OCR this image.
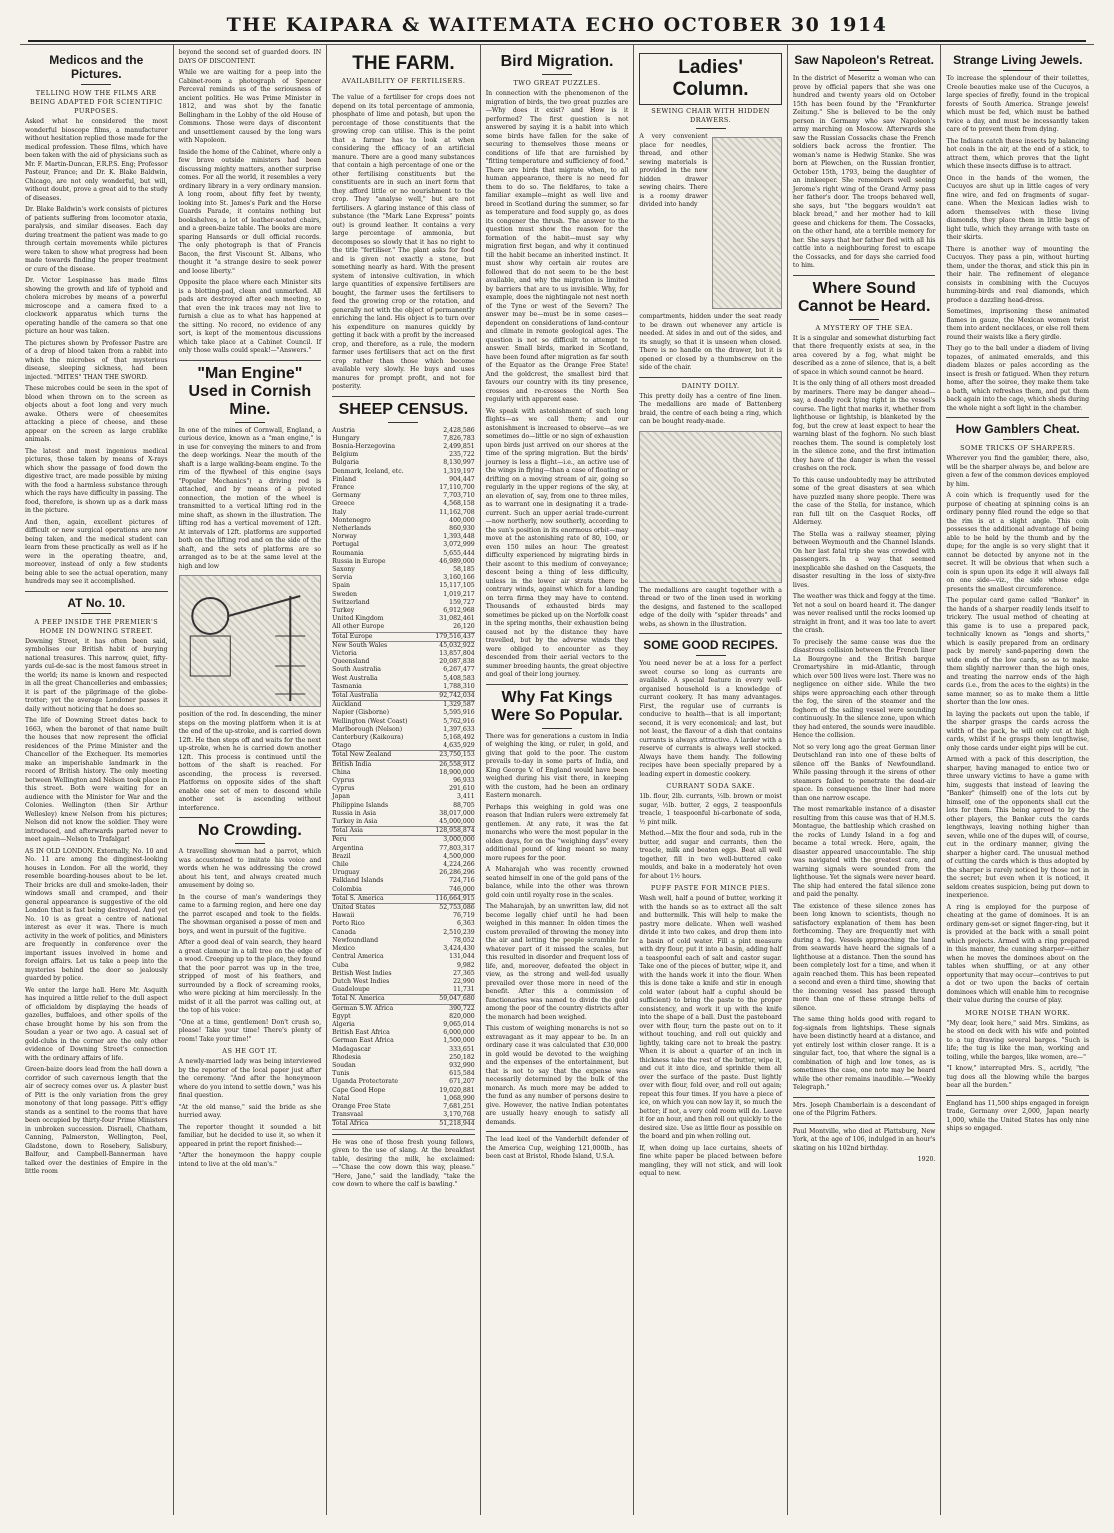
THE KAIPARA & WAITEMATA ECHO OCTOBER 30 1914
Medicos and the Pictures.
TELLING HOW THE FILMS ARE BEING ADAPTED FOR SCIENTIFIC PURPOSES.

Asked what he considered the most wonderful bioscope films, a manufacturer without hesitation replied those made for the medical profession. These films, which have been taken with the aid of physicians such as Mr. F. Martin-Duncan, F.R.P.S. Eng; Professor Pasteur, France; and Dr. K. Blake Baldwin, Chicago, are not only wonderful, but will, without doubt, prove a great aid to the study of diseases.

Dr. Blake Baldwin's work consists of pictures of patients suffering from locomotor ataxia, paralysis, and similar diseases. Each day during treatment the patient was made to go through certain movements while pictures were taken to show what progress had been made towards finding the proper treatment or cure of the disease.

Dr. Victor Lespinasse has made films showing the growth and life of typhoid and cholera microbes by means of a powerful microscope and a camera fixed to a clockwork apparatus which turns the operating handle of the camera so that one picture an hour was taken.

The pictures shown by Professor Pastre are of a drop of blood taken from a rabbit into which the microbes of that mysterious disease, sleeping sickness, had been injected. "MITES" THAN THE SWORD.

These microbes could be seen in the spot of blood when thrown on to the screen as objects about a foot long and very much awake. Others were of cheesemites attacking a piece of cheese, and these appear on the screen as large crablike animals.

The latest and most ingenious medical pictures, those taken by means of X-rays which show the passage of food down the digestive tract, are made possible by mixing with the food a harmless substance through which the rays have difficulty in passing. The food, therefore, is shown up as a dark mass in the picture.

And then, again, excellent pictures of difficult or new surgical operations are now being taken, and the medical student can learn from these practically as well as if he were in the operating theatre, and, moreover, instead of only a few students being able to see the actual operation, many hundreds may see it accomplished.

AT No. 10.
A PEEP INSIDE THE PREMIER'S HOME IN DOWNING STREET.

Downing Street, it has often been said, symbolises our British habit of burying national treasures. This narrow, quiet, fifty-yards cul-de-sac is the most famous street in the world; its name is known and respected in all the great Chancelleries and embassies; it is part of the pilgrimage of the globe-trotter; yet the average Londoner passes it daily without noticing that he does so.

The life of Downing Street dates back to 1663, when the baronet of that name built the houses that now represent the official residences of the Prime Minister and the Chancellor of the Exchequer. Its memories make an imperishable landmark in the record of British history. The only meeting between Wellington and Nelson took place in this street. Both were waiting for an audience with the Minister for War and the Colonies. Wellington (then Sir Arthur Wellesley) knew Nelson from his pictures; Nelson did not know the soldier. They were introduced, and afterwards parted never to meet again—Nelson to Trafalgar!

AS IN OLD LONDON. Externally, No. 10 and No. 11 are among the dinginest-looking houses in London. For all the world, they resemble boarding-houses about to be let. Their bricks are dull and smoke-laden, their windows small and cramped, and their general appearance is suggestive of the old London that is fast being destroyed. And yet No. 10 is as great a centre of national interest as ever it was. There is much activity in the work of politics, and Ministers are frequently in conference over the important issues involved in home and foreign affairs. Let us take a peep into the mysteries behind the door so jealously guarded by police.

We enter the large hall. Here Mr. Asquith has inquired a little relief to the dull aspect of officialdom by displaying the heads of gazelles, buffaloes, and other spoils of the chase brought home by his son from the Soudan a year or two ago. A casual set of gold-clubs in the corner are the only other evidence of Downing Street's connection with the ordinary affairs of life.

Green-baize doors lead from the hall down a corridor of such cavernous length that the air of secrecy comes over us. A plaster bust of Pitt is the only variation from the grey monotony of that long passage. Pitt's effigy stands as a sentinel to the rooms that have been occupied by thirty-four Prime Ministers in unbroken succession. Disraeli, Chatham, Canning, Palmerston, Wellington, Peel, Gladstone, down to Rosebery, Salisbury, Balfour, and Campbell-Bannerman have talked over the destinies of Empire in the little room

beyond the second set of guarded doors. IN DAYS OF DISCONTENT.

While we are waiting for a peep into the Cabinet-room a photograph of Spencer Perceval reminds us of the seriousness of ancient politics. He was Prime Minister in 1812, and was shot by the fanatic Bellingham in the Lobby of the old House of Commons. Those were days of discontent and unsettlement caused by the long wars with Napoleon.

Inside the home of the Cabinet, where only a few brave outside ministers had been discussing mighty matters, another surprise comes. For all the world, it resembles a very ordinary library in a very ordinary mansion. A long room, about fifty feet by twenty, looking into St. James's Park and the Horse Guards Parade, it contains nothing but bookshelves, a lot of leather-seated chairs, and a green-baize table. The books are more sparing Hansards or dull official records. The only photograph is that of Francis Bacon, the first Viscount St. Albans, who thought it "a strange desire to seek power and loose liberty."

Opposite the place where each Minister sits is a blotting-pad, clean and unmarked. All pads are destroyed after each meeting, so that even the ink traces may not live to furnish a clue as to what has happened at the sitting. No record, no evidence of any sort, is kept of the momentous discussions which take place at a Cabinet Council. If only those walls could speak!—"Answers."

"Man Engine" Used in Cornish Mine.

In one of the mines of Cornwall, England, a curious device, known as a "man engine," is in use for conveying the miners to and from the deep workings. Near the mouth of the shaft is a large walking-beam engine. To the rim of the flywheel of this engine (says "Popular Mechanics") a driving rod is attached, and by means of a pivoted connection, the motion of the wheel is transmitted to a vertical lifting rod in the mine shaft, as shown in the illustration. The lifting rod has a vertical movement of 12ft. At intervals of 12ft. platforms are supported both on the lifting rod and on the side of the shaft, and the sets of platforms are so arranged as to be at the same level at the high and low

position of the rod. In descending, the miner steps on the moving platform when it is at the end of the up-stroke, and is carried down 12ft. He then steps off and waits for the next up-stroke, when he is carried down another 12ft. This process is continued until the bottom of the shaft is reached. For ascending, the process is reversed. Platforms on opposite sides of the shaft enable one set of men to descend while another set is ascending without interference.

No Crowding.

A travelling showman had a parrot, which was accustomed to imitate his voice and words when he was addressing the crowd about his tent, and always created much amusement by doing so.

In the course of man's wanderings they came to a farming region, and here one day the parrot escaped and took to the fields. The showman organised a posse of men and boys, and went in pursuit of the fugitive.

After a good deal of vain search, they heard a great clamour in a tall tree on the edge of a wood. Creeping up to the place, they found that the poor parrot was up in the tree, stripped of most of his feathers, and surrounded by a flock of screaming rooks, who were picking at him mercilessly. In the midst of it all the parrot was calling out, at the top of his voice:

"One at a time, gentlemen! Don't crush so, please! Take your time! There's plenty of room! Take your time!"

AS HE GOT IT.

A newly-married lady was being interviewed by the reporter of the local paper just after the ceremony. "And after the honeymoon where do you intend to settle down," was his final question.

"At the old manse," said the bride as she hurried away.

The reporter thought it sounded a bit familiar, but he decided to use it, so when it appeared in print the report finished:—

"After the honeymoon the happy couple intend to live at the old man's."

THE FARM.
AVAILABILITY OF FERTILISERS.

The value of a fertiliser for crops does not depend on its total percentage of ammonia, phosphate of lime and potash, but upon the percentage of those constituents that the growing crop can utilise. This is the point that a farmer has to look at when considering the efficacy of an artificial manure. There are a good many substances that contain a high percentage of one or the other fertilising constituents but the constituents are in such an inert form that they afford little or no nourishment to the crop. They "analyse well," but are not fertilisers. A glaring instance of this class of substance (the "Mark Lane Express" points out) is ground leather. It contains a very large percentage of ammonia, but decomposes so slowly that it has no right to the title "fertiliser." The plant asks for food and is given not exactly a stone, but something nearly as hard. With the present system of intensive cultivation, in which large quantities of expensive fertilisers are bought, the farmer uses the fertilisers to feed the growing crop or the rotation, and generally not with the object of permanently enriching the land. His object is to turn over his expenditure on manures quickly by getting it back with a profit by the increased crop, and therefore, as a rule, the modern farmer uses fertilisers that act on the first crop rather than those which become available very slowly. He buys and uses manures for prompt profit, and not for posterity.

SHEEP CENSUS.
Austria	2,428,586
Hungary	7,826,783
Bosnia-Herzegovina	2,499,851
Belgium	235,722
Bulgaria	8,130,997
Denmark, Iceland, etc.	1,319,197
Finland	904,447
France	17,110,700
Germany	7,703,710
Greece	4,568,158
Italy	11,162,708
Montenegro	400,000
Netherlands	860,930
Norway	1,393,448
Portugal	3,072,999
Roumania	5,655,444
Russia in Europe	46,989,000
Saxony	58,185
Servia	3,160,166
Spain	15,117,105
Sweden	1,019,217
Switzerland	159,727
Turkey	6,912,968
United Kingdom	31,082,461
All other Europe	26,120
Total Europe	179,516,437
New South Wales	45,032,922
Victoria	13,857,804
Queensland	20,087,838
South Australia	6,267,477
West Australia	5,408,583
Tasmania	1,788,310
Total Australia	92,742,034
Auckland	1,329,587
Napier (Gisborne)	5,595,916
Wellington (West Coast)	5,762,916
Marlborough (Nelson)	1,397,633
Canterbury (Kaikoura)	5,168,492
Otago	4,635,929
Total New Zealand	23,750,153
British India	26,558,912
China	18,900,000
Cyprus	96,933
Cyprus	291,610
Japan	3,411
Philippine Islands	88,705
Russia in Asia	38,017,000
Turkey in Asia	45,000,000
Total Asia	128,958,874
Peru	3,000,000
Argentina	77,803,317
Brazil	4,500,000
Chile	4,224,266
Uruguay	26,286,296
Falkland Islands	724,716
Colombia	746,000
Total S. America	116,664,915
United States	52,753,086
Hawaii	76,719
Porto Rico	6,363
Canada	2,510,239
Newfoundland	78,052
Mexico	3,424,430
Central America	131,044
Cuba	9,982
British West Indies	27,365
Dutch West Indies	22,990
Guadeloupe	11,731
Total N. America	59,047,680
German S.W. Africa	390,722
Egypt	820,000
Algeria	9,065,014
British East Africa	6,000,000
German East Africa	1,500,000
Madagascar	333,651
Rhodesia	250,182
Soudan	932,990
Tunis	615,584
Uganda Protectorate	671,207
Cape Good Hope	19,020,881
Natal	1,068,990
Orange Free State	7,681,251
Transvaal	3,170,768
Total Africa	51,218,944

He was one of those fresh young fellows, given to the use of slang. At the breakfast table, desiring the milk, he exclaimed:—"Chase the cow down this way, please." "Here, Jane," said the landlady, "take the cow down to where the calf is bawling."

Bird Migration.
TWO GREAT PUZZLES.

In connection with the phenomenon of the migration of birds, the two great puzzles are—Why does it exist? and How is it performed? The first question is not answered by saying it is a habit into which some birds have fallen for the sake of securing to themselves those means or conditions of life that are furnished by "fitting temperature and sufficiency of food." There are birds that migrate when, to all human appearance, there is no need for them to do so. The fieldfares, to take a familiar example—might as well live and breed in Scotland during the summer, so far as temperature and food supply go, as does its congener the thrush. The answer to the question must show the reason for the formation of the habit—must say why migration first began, and why it continued till the habit became an inherited instinct. It must show why certain air routes are followed that do not seem to be the best available, and why the migration is limited by barriers that are to us invisible. Why, for example, does the nightingale not nest north of the Tyne or west of the Severn? The answer may be—must be in some cases—dependent on considerations of land-contour and climate in remote geological ages. The question is not so difficult to attempt to answer. Small birds, marked in Scotland, have been found after migration as far south of the Equator as the Orange Free State! And the goldcrest, the smallest bird that favours our country with its tiny presence, crosses and re-crosses the North Sea regularly with apparent ease.

We speak with astonishment of such long flights—as we call them; and our astonishment is increased to observe—as we sometimes do—little or no sign of exhaustion upon birds just arrived on our shores at the time of the spring migration. But the birds' journey is less a flight—i.e., an active use of the wings in flying—than a case of floating or drifting on a moving stream of air, going so regularly in the upper regions of the sky, at an elevation of, say, from one to three miles, as to warrant one in designating it a trade-current. Such an upper aerial trade-current—now northerly, now southerly, according to the sun's position in its enormous orbit—may move at the astonishing rate of 80, 100, or even 150 miles an hour. The greatest difficulty experienced by migrating birds in their ascent to this medium of conveyance; descent being a thing of less difficulty, unless in the lower air strata there be contrary winds, against which for a landing on terra firma they may have to contend. Thousands of exhausted birds may sometimes be picked up on the Norfolk coast in the spring months, their exhaustion being caused not by the distance they have travelled, but by the adverse winds they were obliged to encounter as they descended from their aerial vectors to the summer breeding haunts, the great objective and goal of their long journey.

Why Fat Kings Were So Popular.

There was for generations a custom in India of weighing the king, or ruler, in gold, and giving that gold to the poor. The custom prevails to-day in some parts of India, and King George V. of England would have been weighed during his visit there, in keeping with the custom, had he been an ordinary Eastern monarch.

Perhaps this weighing in gold was one reason that Indian rulers were extremely fat gentlemen. At any rate, it was the fat monarchs who were the most popular in the olden days, for on the "weighing days" every additional pound of king meant so many more rupees for the poor.

A Maharajah who was recently crowned seated himself in one of the gold pans of the balance, while into the other was thrown gold coin until royalty rose in the scales.

The Maharajah, by an unwritten law, did not become legally chief until he had been weighed in this manner. In olden times the custom prevailed of throwing the money into the air and letting the people scramble for whatever part of it missed the scales, but this resulted in disorder and frequent loss of life, and, moreover, defeated the object in view, as the strong and well-fed usually prevailed over those more in need of the benefit. After this a commission of functionaries was named to divide the gold among the poor of the country districts after the monarch had been weighed.

This custom of weighing monarchs is not so extravagant as it may appear to be. In an ordinary case it was calculated that £30,000 in gold would be devoted to the weighing and the expenses of the entertainment, but that is not to say that the expense was necessarily determined by the bulk of the monarch. As much more may be added to the fund as any number of persons desire to give. However, the native Indian potentates are usually heavy enough to satisfy all demands.

The lead keel of the Vanderbilt defender of the America Cup, weighing 121,000lb., has been cast at Bristol, Rhode Island, U.S.A.

Ladies' Column.
SEWING CHAIR WITH HIDDEN DRAWERS.

A very convenient place for needles, thread, and other sewing materials is provided in the new hidden drawer sewing chairs. There is a roomy drawer divided into handy

compartments, hidden under the seat ready to be drawn out whenever any article is needed. At sides in and out of the sides, and its snugly, so that it is unseen when closed. There is no handle on the drawer, but it is opened or closed by a thumbscrew on the side of the chair.

DAINTY DOILY.

This pretty doily has a centre of fine linen. The medallions are made of Battenberg braid, the centre of each being a ring, which can be bought ready-made.

The medallions are caught together with a thread or two of the linen used in working the designs, and fastened to the scalloped edge of the doily with "spider threads" and webs, as shown in the illustration.

SOME GOOD RECIPES.

You need never be at a loss for a perfect sweet course so long as currants are available. A special feature in every well-organised household is a knowledge of currant cookery. It has many advantages. First, the regular use of currants is conducive to health—that is all important; second, it is very economical; and last, but not least, the flavour of a dish that contains currants is always attractive. A larder with a reserve of currants is always well stocked. Always have them handy. The following recipes have been specially prepared by a leading expert in domestic cookery.

CURRANT SODA SAKE.

1lb. flour, 2lb. currants, ½lb. brown or moist sugar, ½lb. butter, 2 eggs, 2 teaspoonfuls treacle, 1 teaspoonful bi-carbonate of soda, ½ pint milk.

Method.—Mix the flour and soda, rub in the butter, add sugar and currants, then the treacle, milk and beaten eggs. Beat all well together, fill in two well-buttered cake moulds, and bake in a moderately hot oven for about 1½ hours.

PUFF PASTE FOR MINCE PIES.

Wash well, half a pound of butter, working it with the hands so as to extract all the salt and buttermilk. This will help to make the pastry more delicate. When well washed divide it into two cakes, and drop them into a basin of cold water. Fill a pint measure with dry flour, put it into a basin, adding half a teaspoonful each of salt and castor sugar. Take one of the pieces of butter, wipe it, and with the hands work it into the flour. When this is done take a knife and stir in enough cold water (about half a cupful should be sufficient) to bring the paste to the proper consistency, and work it up with the knife into the shape of a ball. Dust the pasteboard over with flour, turn the paste out on to it without touching, and roll out quickly and lightly, taking care not to break the pastry. When it is about a quarter of an inch in thickness take the rest of the butter, wipe it, and cut it into dice, and sprinkle them all over the surface of the paste. Dust lightly over with flour, fold over, and roll out again; repeat this four times. If you have a piece of ice, on which you can now lay it, so much the better; if not, a very cold room will do. Leave it for an hour, and then roll out quickly to the desired size. Use as little flour as possible on the board and pin when rolling out.

If, when doing up lace curtains, sheets of fine white paper be placed between before mangling, they will not stick, and will look equal to new.

Saw Napoleon's Retreat.

In the district of Meseritz a woman who can prove by official papers that she was one hundred and twenty years old on October 15th has been found by the "Frankfurter Zeitung." She is believed to be the only person in Germany who saw Napoleon's army marching on Moscow. Afterwards she saw the Russian Cossacks chase the French soldiers back across the frontier. The woman's name is Hedwig Stanke. She was born at Plewchen, on the Russian frontier, October 15th, 1793, being the daughter of an innkeeper. She remembers well seeing Jerome's right wing of the Grand Army pass her father's door. The troops behaved well, she says, but "the beggars wouldn't eat black bread," and her mother had to kill geese and chickens for them. The Cossacks, on the other hand, ate a terrible memory for her. She says that her father fled with all his cattle into a neighbouring forest to escape the Cossacks, and for days she carried food to him.

Where Sound Cannot be Heard.
A MYSTERY OF THE SEA.

It is a singular and somewhat disturbing fact that there frequently exists at sea, in the area covered by a fog, what might be described as a zone of silence, that is, a belt of space in which sound cannot be heard.

It is the only thing of all others most dreaded by mariners. There may be danger ahead—say, a deadly rock lying right in the vessel's course. The light that marks it, whether from lighthouse or lightship, is blanketed by the fog, but the crew at least expect to hear the warning blast of the foghorn. No such blast reaches them. The sound is completely lost in the silence zone, and the first intimation they have of the danger is when the vessel crashes on the rock.

To this cause undoubtedly may be attributed some of the great disasters at sea which have puzzled many shore people. There was the case of the Stella, for instance, which ran full tilt on the Casquet Rocks, off Alderney.

The Stella was a railway steamer, plying between Weymouth and the Channel Islands. On her last fatal trip she was crowded with passengers. In a way that seemed inexplicable she dashed on the Casquets, the disaster resulting in the loss of sixty-five lives.

The weather was thick and foggy at the time. Yet not a soul on board heard it. The danger was never realised until the rocks loomed up straight in front, and it was too late to avert the crash.

To precisely the same cause was due the disastrous collision between the French liner La Bourgoyne and the British barque Cromartyshire in mid-Atlantic, through which over 500 lives were lost. There was no negligence on either side. While the two ships were approaching each other through the fog, the siren of the steamer and the foghorn of the sailing vessel were sounding continuously. In the silence zone, upon which they had entered, the sounds were inaudible. Hence the collision.

Not so very long ago the great German liner Deutschland ran into one of these belts of silence off the Banks of Newfoundland. While passing through it the sirens of other steamers failed to penetrate the dead-air space. In consequence the liner had more than one narrow escape.

The most remarkable instance of a disaster resulting from this cause was that of H.M.S. Montague, the battleship which crashed on the rocks of Lundy Island in a fog and became a total wreck. Here, again, the disaster appeared unaccountable. The ship was navigated with the greatest care, and warning signals were sounded from the lighthouse. Yet the signals were never heard. The ship had entered the fatal silence zone and paid the penalty.

The existence of these silence zones has been long known to scientists, though no satisfactory explanation of them has been forthcoming. They are frequently met with during a fog. Vessels approaching the land from seawards have heard the signals of a lighthouse at a distance. Then the sound has been completely lost for a time, and when it again reached them. This has been repeated a second and even a third time, showing that the incoming vessel has passed through more than one of these strange belts of silence.

The same thing holds good with regard to fog-signals from lightships. These signals have been distinctly heard at a distance, and yet entirely lost within closer range. It is a singular fact, too, that where the signal is a combination of high and low tones, as is sometimes the case, one note may be heard while the other remains inaudible.—"Weekly Telegraph."

Mrs. Joseph Chamberlain is a descendant of one of the Pilgrim Fathers.

Paul Montville, who died at Plattsburg, New York, at the age of 106, indulged in an hour's skating on his 102nd birthday.

1920.
Strange Living Jewels.

To increase the splendour of their toilettes, Creole beauties make use of the Cucuyos, a large species of firefly, found in the tropical forests of South America. Strange jewels! which must be fed, which must be bathed twice a day, and must be incessantly taken care of to prevent them from dying.

The Indians catch these insects by balancing hot coals in the air, at the end of a stick, to attract them, which proves that the light which these insects diffuse is to attract.

Once in the hands of the women, the Cucuyos are shut up in little cages of very fine wire, and fed on fragments of sugar-cane. When the Mexican ladies wish to adorn themselves with these living diamonds, they place them in little bags of light tulle, which they arrange with taste on their skirts.

There is another way of mounting the Cucuyos. They pass a pin, without hurting them, under the thorax, and stick this pin in their hair. The refinement of elegance consists in combining with the Cucuyos humming-birds and real diamonds, which produce a dazzling head-dress.

Sometimes, imprisoning these animated flames in gauze, the Mexican women twist them into ardent necklaces, or else roll them round their waists like a fiery girdle.

They go to the ball under a diadem of living topazes, of animated emeralds, and this diadem blazes or pales according as the insect is fresh or fatigued. When they return home, after the soiree, they make them take a bath, which refreshes them, and put them back again into the cage, which sheds during the whole night a soft light in the chamber.

How Gamblers Cheat.
SOME TRICKS OF SHARPERS.

Wherever you find the gambler, there, also, will be the sharper always be, and below are given a few of the common devices employed by him.

A coin which is frequently used for the purpose of cheating at spinning coins is an ordinary penny filed round the edge so that the rim is at a slight angle. This coin possesses the additional advantage of being able to be held by the thumb and by the dupe; for the angle is so very slight that it cannot be detected by anyone not in the secret. It will be obvious that when such a coin is spun upon its edge it will always fall on one side—viz., the side whose edge presents the smallest circumference.

The popular card game called "Banker" in the hands of a sharper readily lends itself to trickery. The usual method of cheating at this game is to use a prepared pack, technically known as "longs and shorts," which is easily prepared from an ordinary pack by merely sand-papering down the wide ends of the low cards, so as to make them slightly narrower than the high ones, and treating the narrow ends of the high cards (i.e., from the aces to the eights) in the same manner, so as to make them a little shorter than the low ones.

In laying the packets out upon the table, if the sharper grasps the cards across the width of the pack, he will only cut at high cards, whilst if he grasps them lengthwise, only those cards under eight pips will be cut.

Armed with a pack of this description, the sharper, having managed to entice two or three unwary victims to have a game with him, suggests that instead of leaving the "Banker" (himself) one of the lots cut by himself, one of the opponents shall cut the lots for them. This being agreed to by the other players, the Banker cuts the cards lengthways, leaving nothing higher than seven, while one of the dupes will, of course, cut in the ordinary manner, giving the sharper a higher card. The unusual method of cutting the cards which is thus adopted by the sharper is rarely noticed by those not in the secret; but even when it is noticed, it seldom creates suspicion, being put down to inexperience.

A ring is employed for the purpose of cheating at the game of dominoes. It is an ordinary gem-set or signet finger-ring, but it is provided at the back with a small point which projects. Armed with a ring prepared in this manner, the cunning sharper—either when he moves the dominoes about on the tables when shuffling, or at any other opportunity that may occur—contrives to put a dot or two upon the backs of certain dominoes which will enable him to recognise their value during the course of play.

MORE NOISE THAN WORK.

"My dear, look here," said Mrs. Simkins, as he stood on deck with his wife and pointed to a tug drawing several barges. "Such is life; the tug is like the man, working and toiling, while the barges, like women, are—"

"I know," interrupted Mrs. S., acridly, "the tug does all the blowing while the barges bear all the burden."

England has 11,500 ships engaged in foreign trade, Germany over 2,000, Japan nearly 1,000, while the United States has only nine ships so engaged.
